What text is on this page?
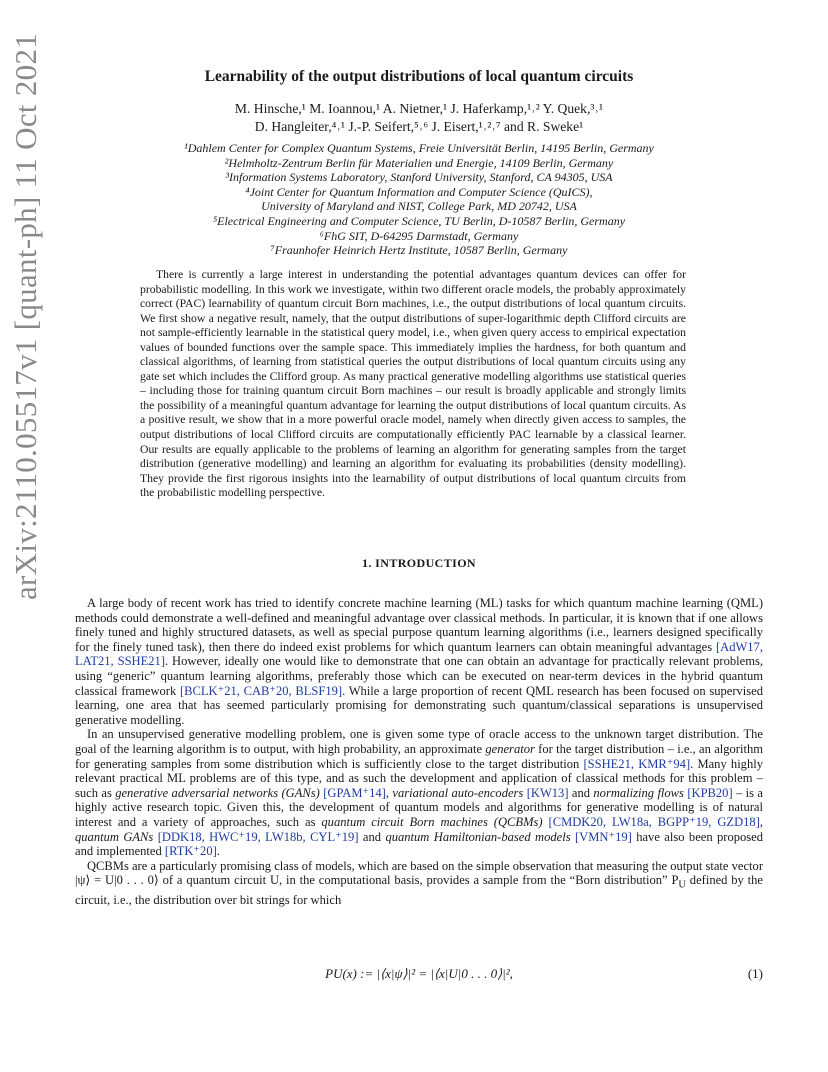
arXiv:2110.05517v1 [quant-ph] 11 Oct 2021	Learnability of the output distributions of local quantum circuits
M. Hinsche,¹ M. Ioannou,¹ A. Nietner,¹ J. Haferkamp,¹˒² Y. Quek,³˒¹
D. Hangleiter,⁴˒¹ J.-P. Seifert,⁵˒⁶ J. Eisert,¹˒²˒⁷ and R. Sweke¹
¹Dahlem Center for Complex Quantum Systems, Freie Universität Berlin, 14195 Berlin, Germany
²Helmholtz-Zentrum Berlin für Materialien und Energie, 14109 Berlin, Germany
³Information Systems Laboratory, Stanford University, Stanford, CA 94305, USA
⁴Joint Center for Quantum Information and Computer Science (QuICS),
University of Maryland and NIST, College Park, MD 20742, USA
⁵Electrical Engineering and Computer Science, TU Berlin, D-10587 Berlin, Germany
⁶FhG SIT, D-64295 Darmstadt, Germany
⁷Fraunhofer Heinrich Hertz Institute, 10587 Berlin, Germany

There is currently a large interest in understanding the potential advantages quantum devices can offer for probabilistic modelling. In this work we investigate, within two different oracle models, the probably approximately correct (PAC) learnability of quantum circuit Born machines, i.e., the output distributions of local quantum circuits. We first show a negative result, namely, that the output distributions of super-logarithmic depth Clifford circuits are not sample-efficiently learnable in the statistical query model, i.e., when given query access to empirical expectation values of bounded functions over the sample space. This immediately implies the hardness, for both quantum and classical algorithms, of learning from statistical queries the output distributions of local quantum circuits using any gate set which includes the Clifford group. As many practical generative modelling algorithms use statistical queries – including those for training quantum circuit Born machines – our result is broadly applicable and strongly limits the possibility of a meaningful quantum advantage for learning the output distributions of local quantum circuits. As a positive result, we show that in a more powerful oracle model, namely when directly given access to samples, the output distributions of local Clifford circuits are computationally efficiently PAC learnable by a classical learner. Our results are equally applicable to the problems of learning an algorithm for generating samples from the target distribution (generative modelling) and learning an algorithm for evaluating its probabilities (density modelling). They provide the first rigorous insights into the learnability of output distributions of local quantum circuits from the probabilistic modelling perspective.

1. INTRODUCTION

A large body of recent work has tried to identify concrete machine learning (ML) tasks for which quantum machine learning (QML) methods could demonstrate a well-defined and meaningful advantage over classical methods. In particular, it is known that if one allows finely tuned and highly structured datasets, as well as special purpose quantum learning algorithms (i.e., learners designed specifically for the finely tuned task), then there do indeed exist problems for which quantum learners can obtain meaningful advantages [AdW17, LAT21, SSHE21]. However, ideally one would like to demonstrate that one can obtain an advantage for practically relevant problems, using “generic” quantum learning algorithms, preferably those which can be executed on near-term devices in the hybrid quantum classical framework [BCLK⁺21, CAB⁺20, BLSF19]. While a large proportion of recent QML research has been focused on supervised learning, one area that has seemed particularly promising for demonstrating such quantum/classical separations is unsupervised generative modelling.

In an unsupervised generative modelling problem, one is given some type of oracle access to the unknown target distribution. The goal of the learning algorithm is to output, with high probability, an approximate generator for the target distribution – i.e., an algorithm for generating samples from some distribution which is sufficiently close to the target distribution [SSHE21, KMR⁺94]. Many highly relevant practical ML problems are of this type, and as such the development and application of classical methods for this problem – such as generative adversarial networks (GANs) [GPAM⁺14], variational auto-encoders [KW13] and normalizing flows [KPB20] – is a highly active research topic. Given this, the development of quantum models and algorithms for generative modelling is of natural interest and a variety of approaches, such as quantum circuit Born machines (QCBMs) [CMDK20, LW18a, BGPP⁺19, GZD18], quantum GANs [DDK18, HWC⁺19, LW18b, CYL⁺19] and quantum Hamiltonian-based models [VMN⁺19] have also been proposed and implemented [RTK⁺20].

QCBMs are a particularly promising class of models, which are based on the simple observation that measuring the output state vector |ψ⟩ = U|0 . . . 0⟩ of a quantum circuit U, in the computational basis, provides a sample from the “Born distribution” $P_U$ defined by the circuit, i.e., the distribution over bit strings for which

PU(x) := |⟨x|ψ⟩|² = |⟨x|U|0 . . . 0⟩|²,	(1)
